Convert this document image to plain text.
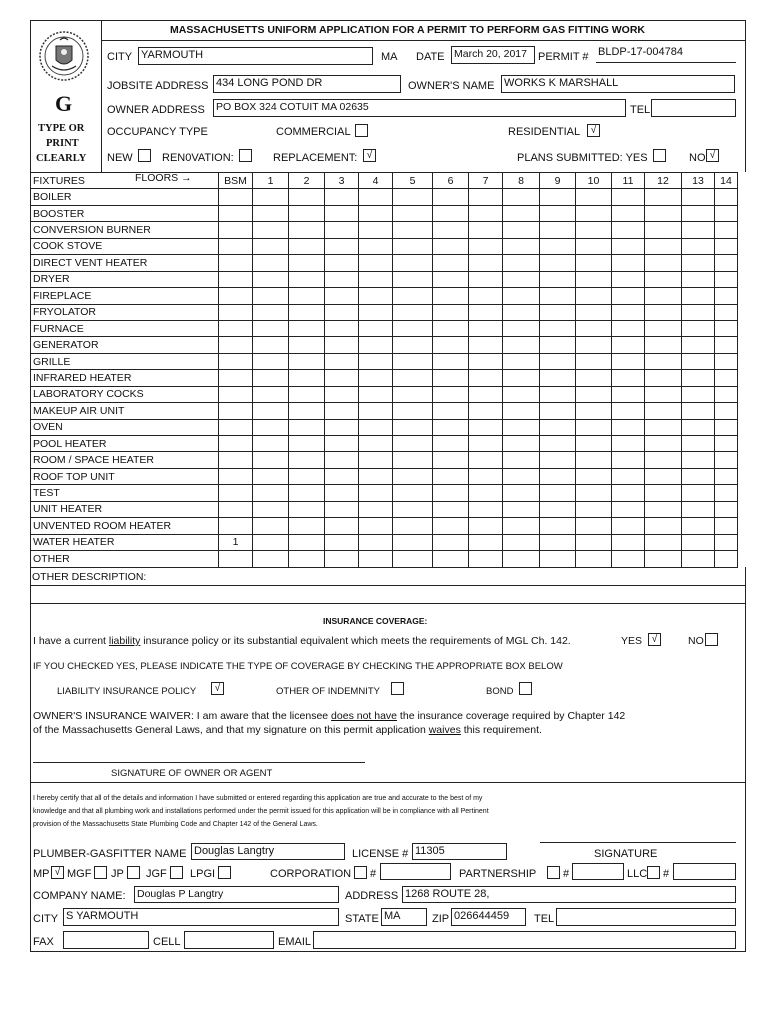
MASSACHUSETTS UNIFORM APPLICATION FOR A PERMIT TO PERFORM GAS FITTING WORK
G
TYPE OR
PRINT
CLEARLY
CITY YARMOUTH	MA DATE March 20, 2017	PERMIT # BLDP-17-004784
JOBSITE ADDRESS 434 LONG POND DR	OWNER'S NAME WORKS K MARSHALL
OWNER ADDRESS PO BOX 324 COTUIT MA 02635	TEL
OCCUPANCY TYPE	COMMERCIAL	RESIDENTIAL	√
NEW	REN0VATION:	REPLACEMENT: √	PLANS SUBMITTED: YES	NO √
FIXTURES FLOORS →	BSM	1	2	3	4	5	6	7	8	9	10	11	12	13	14
BOILER															
BOOSTER															
CONVERSION BURNER															
COOK STOVE															
DIRECT VENT HEATER															
DRYER															
FIREPLACE															
FRYOLATOR															
FURNACE															
GENERATOR															
GRILLE															
INFRARED HEATER															
LABORATORY COCKS															
MAKEUP AIR UNIT															
OVEN															
POOL HEATER															
ROOM / SPACE HEATER															
ROOF TOP UNIT															
TEST															
UNIT HEATER															
UNVENTED ROOM HEATER															
WATER HEATER	1														
OTHER															
OTHER DESCRIPTION:
INSURANCE COVERAGE:
I have a current liability insurance policy or its substantial equivalent which meets the requirements of MGL Ch. 142.	YES √	NO
IF YOU CHECKED YES, PLEASE INDICATE THE TYPE OF COVERAGE BY CHECKING THE APPROPRIATE BOX BELOW
LIABILITY INSURANCE POLICY	√	OTHER OF INDEMNITY	BOND
OWNER'S INSURANCE WAIVER: I am aware that the licensee does not have the insurance coverage required by Chapter 142
of the Massachusetts General Laws, and that my signature on this permit application waives this requirement.
SIGNATURE OF OWNER OR AGENT
I hereby certify that all of the details and information I have submitted or entered regarding this application are true and accurate to the best of my
knowledge and that all plumbing work and installations performed under the permit issued for this application will be in compliance with all Pertinent
provision of the Massachusetts State Plumbing Code and Chapter 142 of the General Laws.
PLUMBER-GASFITTER NAME Douglas Langtry	LICENSE # 11305	SIGNATURE
MP √ MGF JP JGF LPGI	CORPORATION #	PARTNERSHIP #	LLC #
COMPANY NAME: Douglas P Langtry	ADDRESS 1268 ROUTE 28,
CITY S YARMOUTH	STATE MA	ZIP 026644459	TEL
FAX	CELL	EMAIL
